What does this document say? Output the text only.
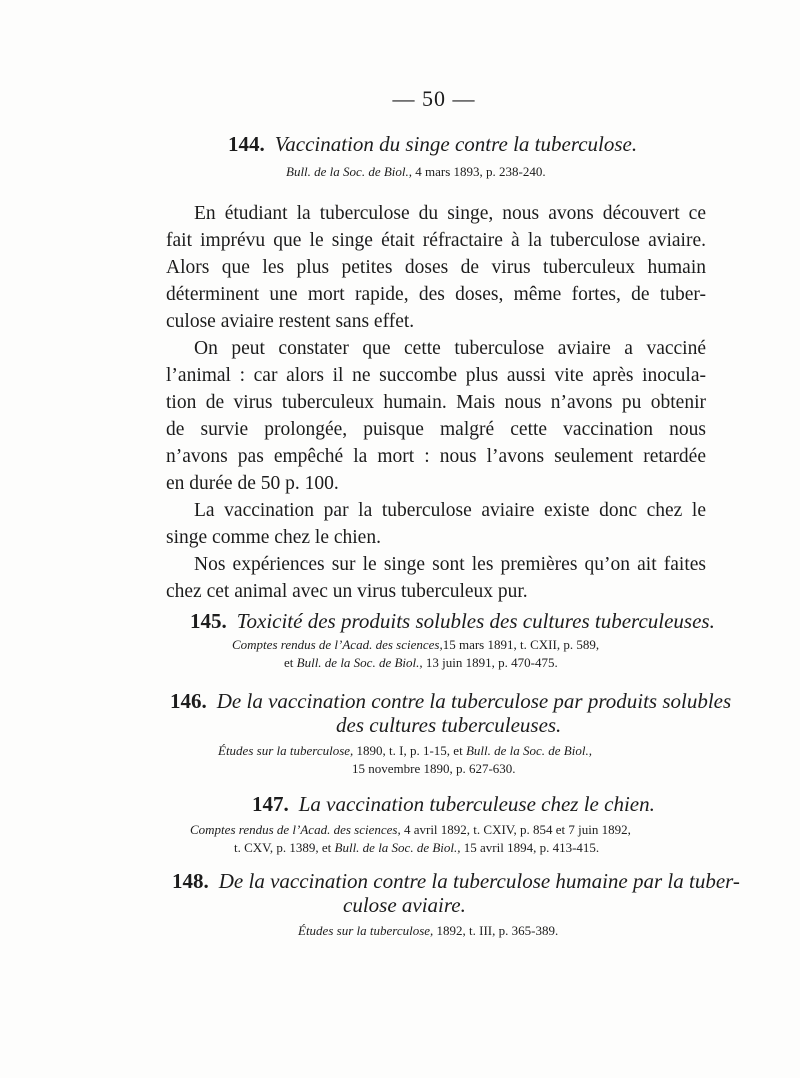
— 50 —
144. Vaccination du singe contre la tuberculose.
Bull. de la Soc. de Biol., 4 mars 1893, p. 238-240.

En étudiant la tuberculose du singe, nous avons découvert ce
fait imprévu que le singe était réfractaire à la tuberculose aviaire.
Alors que les plus petites doses de virus tuberculeux humain
déterminent une mort rapide, des doses, même fortes, de tuber-
culose aviaire restent sans effet.

On peut constater que cette tuberculose aviaire a vacciné
l’animal : car alors il ne succombe plus aussi vite après inocula-
tion de virus tuberculeux humain. Mais nous n’avons pu obtenir
de survie prolongée, puisque malgré cette vaccination nous
n’avons pas empêché la mort : nous l’avons seulement retardée
en durée de 50 p. 100.

La vaccination par la tuberculose aviaire existe donc chez le
singe comme chez le chien.

Nos expériences sur le singe sont les premières qu’on ait faites
chez cet animal avec un virus tuberculeux pur.

145. Toxicité des produits solubles des cultures tuberculeuses.
Comptes rendus de l’Acad. des sciences,15 mars 1891, t. CXII, p. 589,
et Bull. de la Soc. de Biol., 13 juin 1891, p. 470-475.
146. De la vaccination contre la tuberculose par produits solubles
des cultures tuberculeuses.
Études sur la tuberculose, 1890, t. I, p. 1-15, et Bull. de la Soc. de Biol.,
15 novembre 1890, p. 627-630.
147. La vaccination tuberculeuse chez le chien.
Comptes rendus de l’Acad. des sciences, 4 avril 1892, t. CXIV, p. 854 et 7 juin 1892,
t. CXV, p. 1389, et Bull. de la Soc. de Biol., 15 avril 1894, p. 413-415.
148. De la vaccination contre la tuberculose humaine par la tuber-
culose aviaire.
Études sur la tuberculose, 1892, t. III, p. 365-389.
